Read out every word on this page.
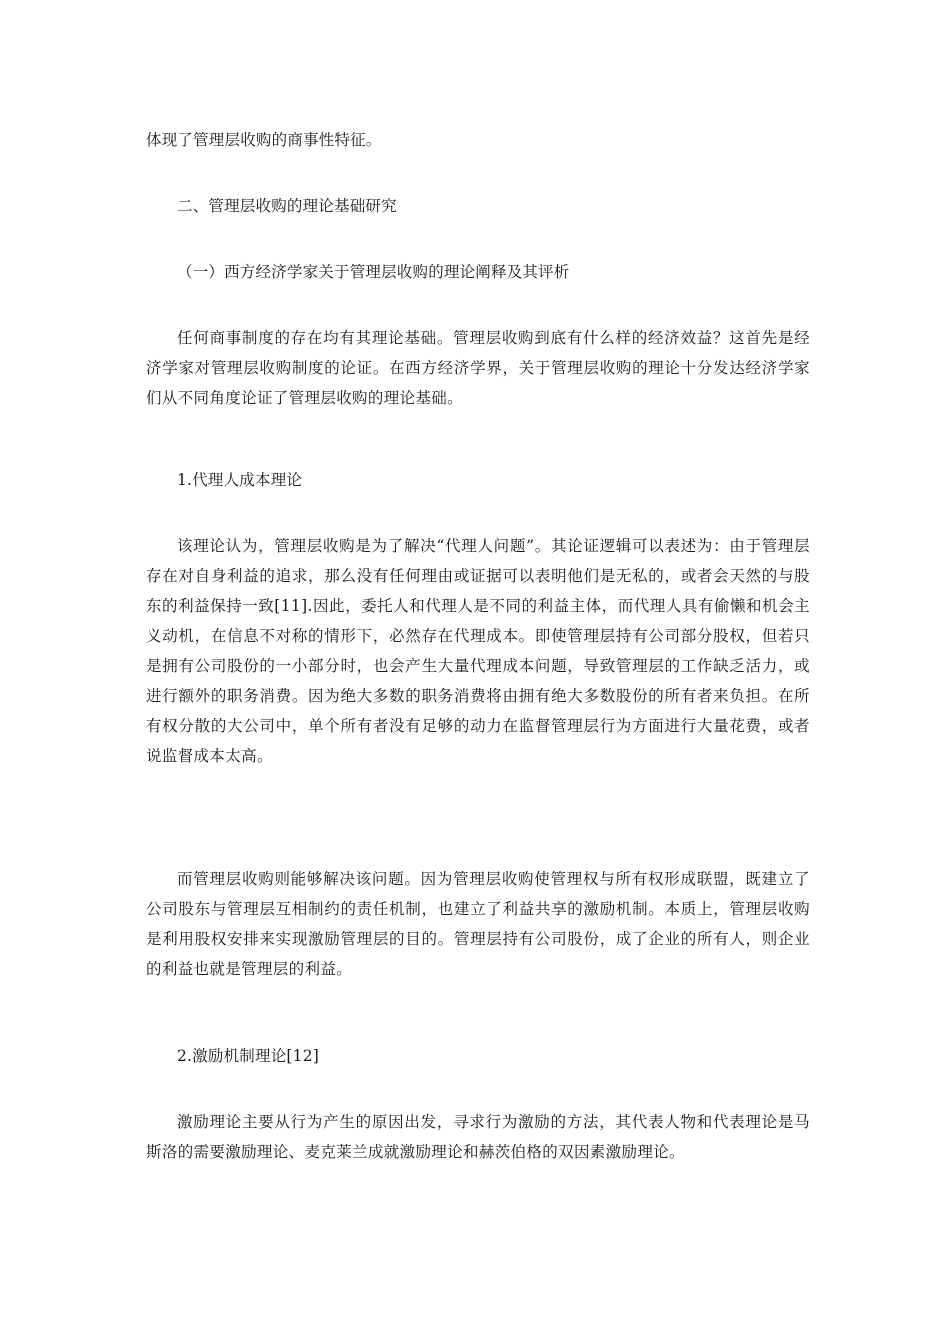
体现了管理层收购的商事性特征。
二、管理层收购的理论基础研究
（一）西方经济学家关于管理层收购的理论阐释及其评析
任何商事制度的存在均有其理论基础。管理层收购到底有什么样的经济效益？这首先是经济学家对管理层收购制度的论证。在西方经济学界，关于管理层收购的理论十分发达经济学家们从不同角度论证了管理层收购的理论基础。
1.代理人成本理论
该理论认为，管理层收购是为了解决“代理人问题”。其论证逻辑可以表述为：由于管理层存在对自身利益的追求，那么没有任何理由或证据可以表明他们是无私的，或者会天然的与股东的利益保持一致[11].因此，委托人和代理人是不同的利益主体，而代理人具有偷懒和机会主义动机，在信息不对称的情形下，必然存在代理成本。即使管理层持有公司部分股权，但若只是拥有公司股份的一小部分时，也会产生大量代理成本问题，导致管理层的工作缺乏活力，或进行额外的职务消费。因为绝大多数的职务消费将由拥有绝大多数股份的所有者来负担。在所有权分散的大公司中，单个所有者没有足够的动力在监督管理层行为方面进行大量花费，或者说监督成本太高。
而管理层收购则能够解决该问题。因为管理层收购使管理权与所有权形成联盟，既建立了公司股东与管理层互相制约的责任机制，也建立了利益共享的激励机制。本质上，管理层收购是利用股权安排来实现激励管理层的目的。管理层持有公司股份，成了企业的所有人，则企业的利益也就是管理层的利益。
2.激励机制理论[12]
激励理论主要从行为产生的原因出发，寻求行为激励的方法，其代表人物和代表理论是马斯洛的需要激励理论、麦克莱兰成就激励理论和赫茨伯格的双因素激励理论。
